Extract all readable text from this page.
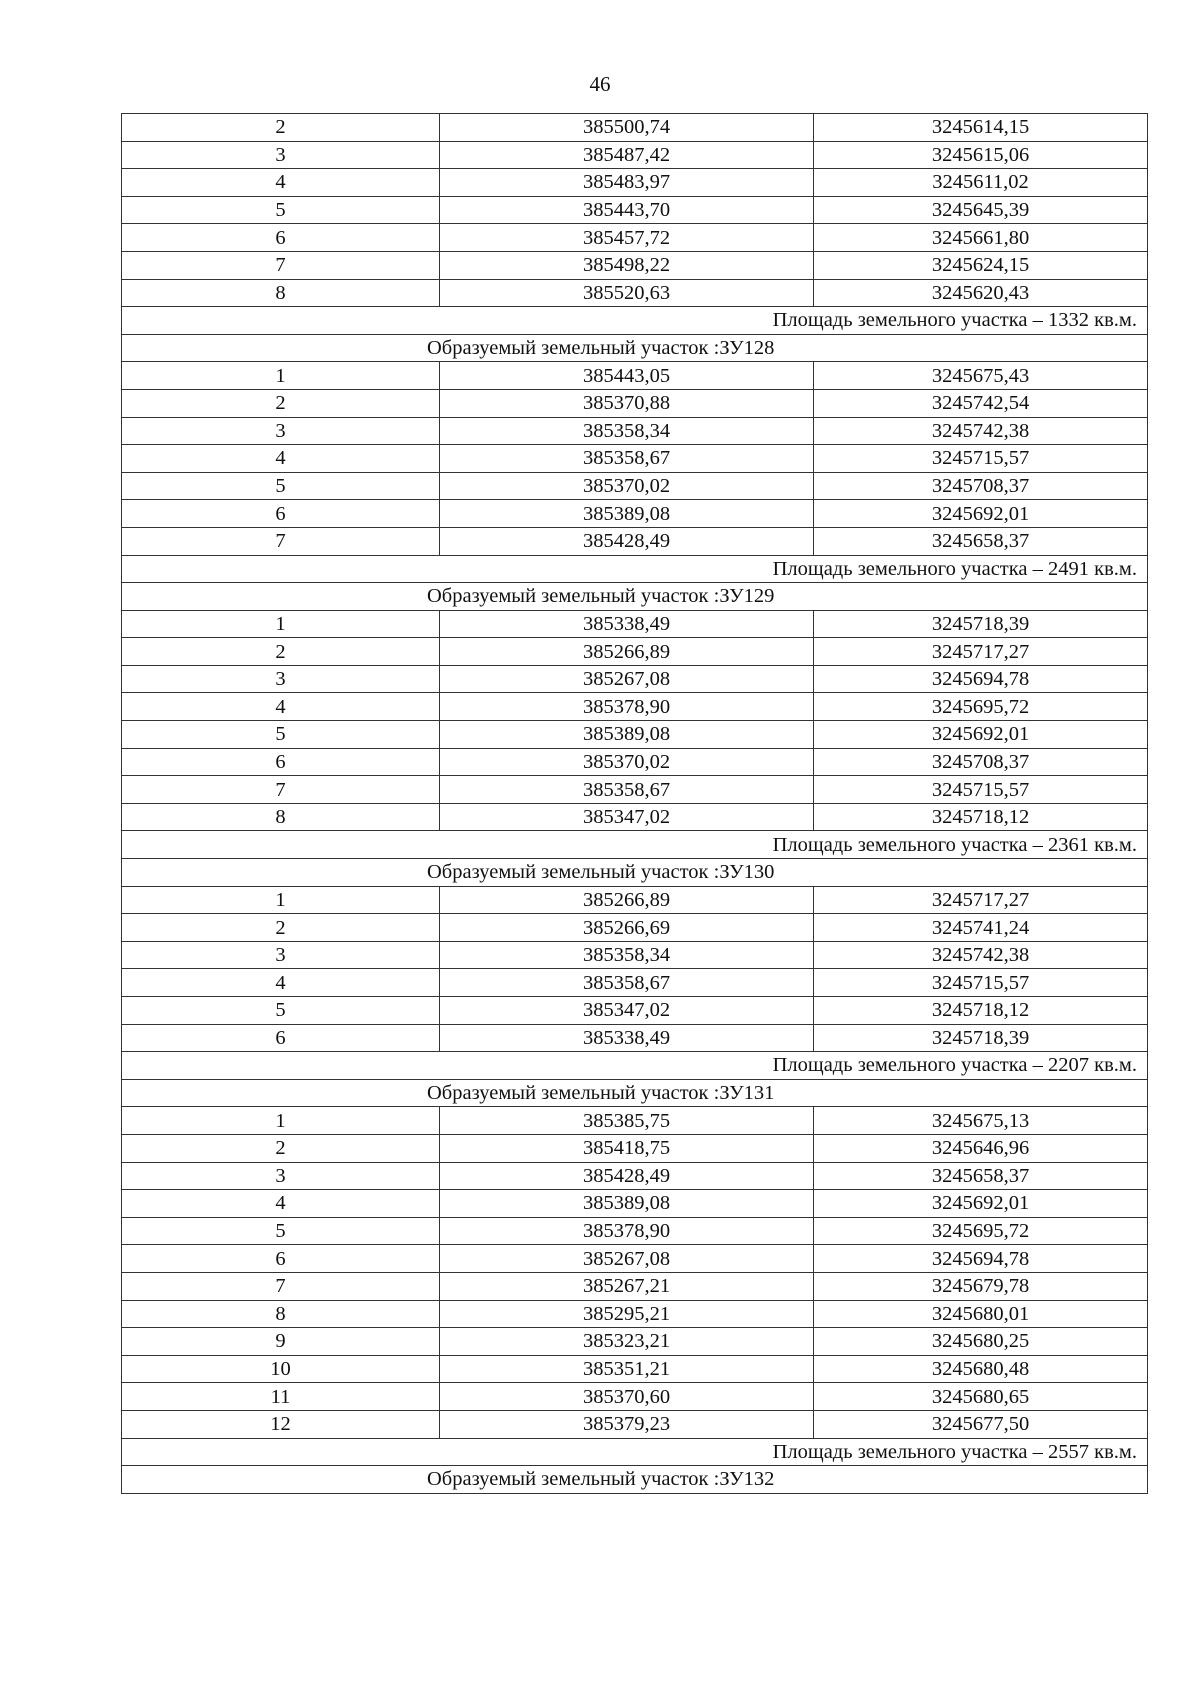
46
2	385500,74	3245614,15
3	385487,42	3245615,06
4	385483,97	3245611,02
5	385443,70	3245645,39
6	385457,72	3245661,80
7	385498,22	3245624,15
8	385520,63	3245620,43
Площадь земельного участка – 1332 кв.м.		
Образуемый земельный участок :ЗУ128		
1	385443,05	3245675,43
2	385370,88	3245742,54
3	385358,34	3245742,38
4	385358,67	3245715,57
5	385370,02	3245708,37
6	385389,08	3245692,01
7	385428,49	3245658,37
Площадь земельного участка – 2491 кв.м.		
Образуемый земельный участок :ЗУ129		
1	385338,49	3245718,39
2	385266,89	3245717,27
3	385267,08	3245694,78
4	385378,90	3245695,72
5	385389,08	3245692,01
6	385370,02	3245708,37
7	385358,67	3245715,57
8	385347,02	3245718,12
Площадь земельного участка – 2361 кв.м.		
Образуемый земельный участок :ЗУ130		
1	385266,89	3245717,27
2	385266,69	3245741,24
3	385358,34	3245742,38
4	385358,67	3245715,57
5	385347,02	3245718,12
6	385338,49	3245718,39
Площадь земельного участка – 2207 кв.м.		
Образуемый земельный участок :ЗУ131		
1	385385,75	3245675,13
2	385418,75	3245646,96
3	385428,49	3245658,37
4	385389,08	3245692,01
5	385378,90	3245695,72
6	385267,08	3245694,78
7	385267,21	3245679,78
8	385295,21	3245680,01
9	385323,21	3245680,25
10	385351,21	3245680,48
11	385370,60	3245680,65
12	385379,23	3245677,50
Площадь земельного участка – 2557 кв.м.		
Образуемый земельный участок :ЗУ132		
